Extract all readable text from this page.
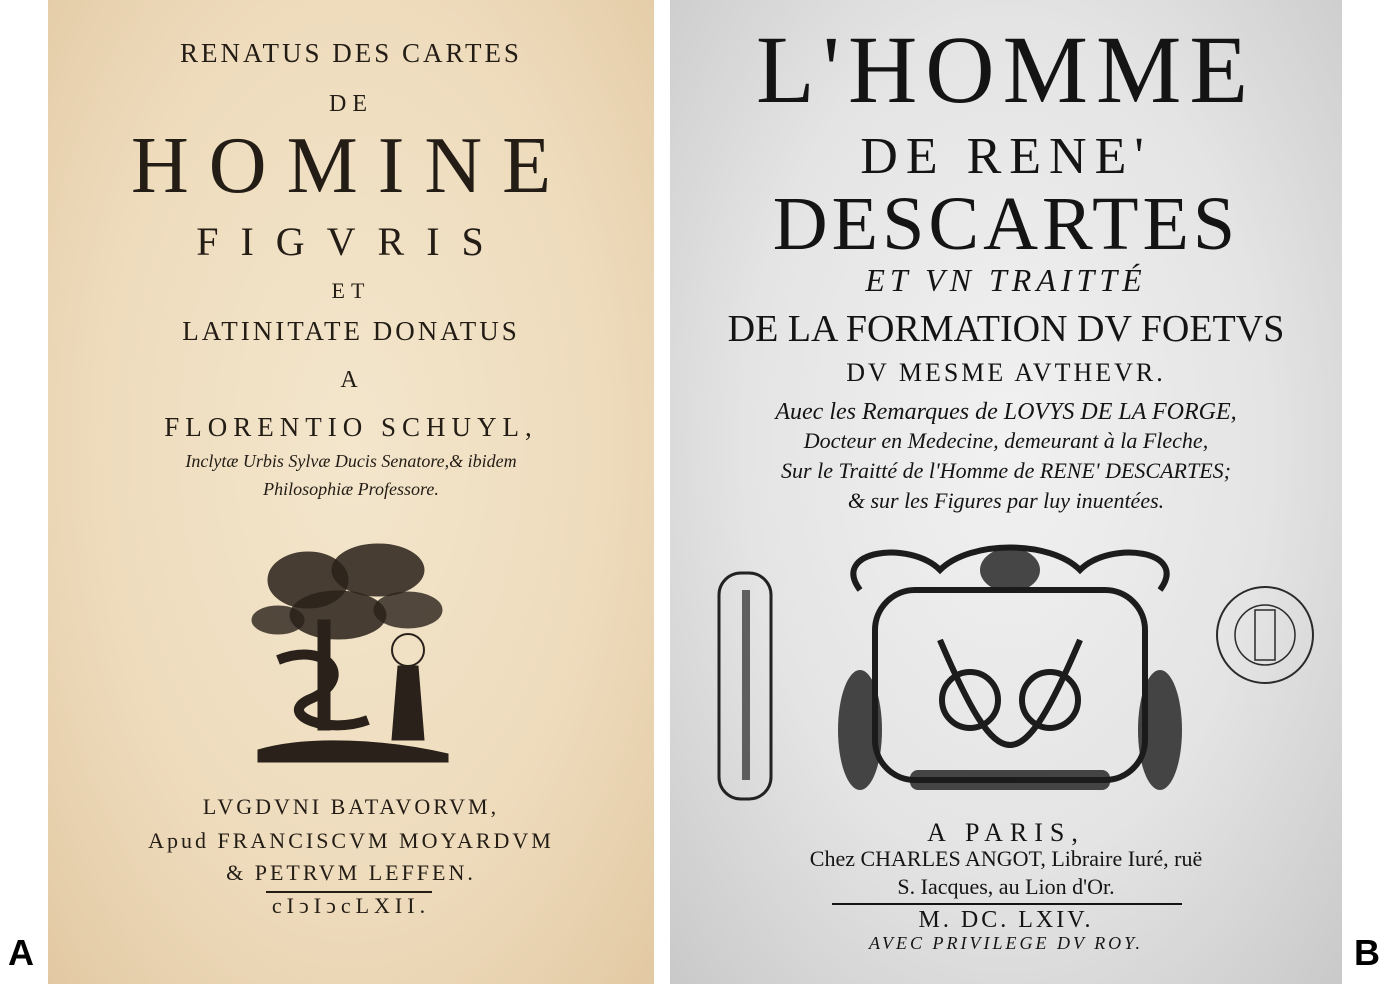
RENATUS DES CARTES
DE
HOMINE
FIGVRIS
ET
LATINITATE DONATUS
A
FLORENTIO SCHUYL,
Inclytæ Urbis Sylvæ Ducis Senatore,& ibidem
Philosophiæ Professore.
LVGDVNI BATAVORVM,
Apud FRANCISCVM MOYARDVM
& PETRVM LEFFEN.
cIↄIↄcLXII.
L'HOMME
DE RENE'
DESCARTES
ET VN TRAITTÉ
DE LA FORMATION DV FOETVS
DV MESME AVTHEVR.
Auec les Remarques de LOVYS DE LA FORGE,
Docteur en Medecine, demeurant à la Fleche,
Sur le Traitté de l'Homme de RENE' DESCARTES;
& sur les Figures par luy inuentées.
A PARIS,
Chez CHARLES ANGOT, Libraire Iuré, ruë
S. Iacques, au Lion d'Or.
M. DC. LXIV.
AVEC PRIVILEGE DV ROY.
A	B
